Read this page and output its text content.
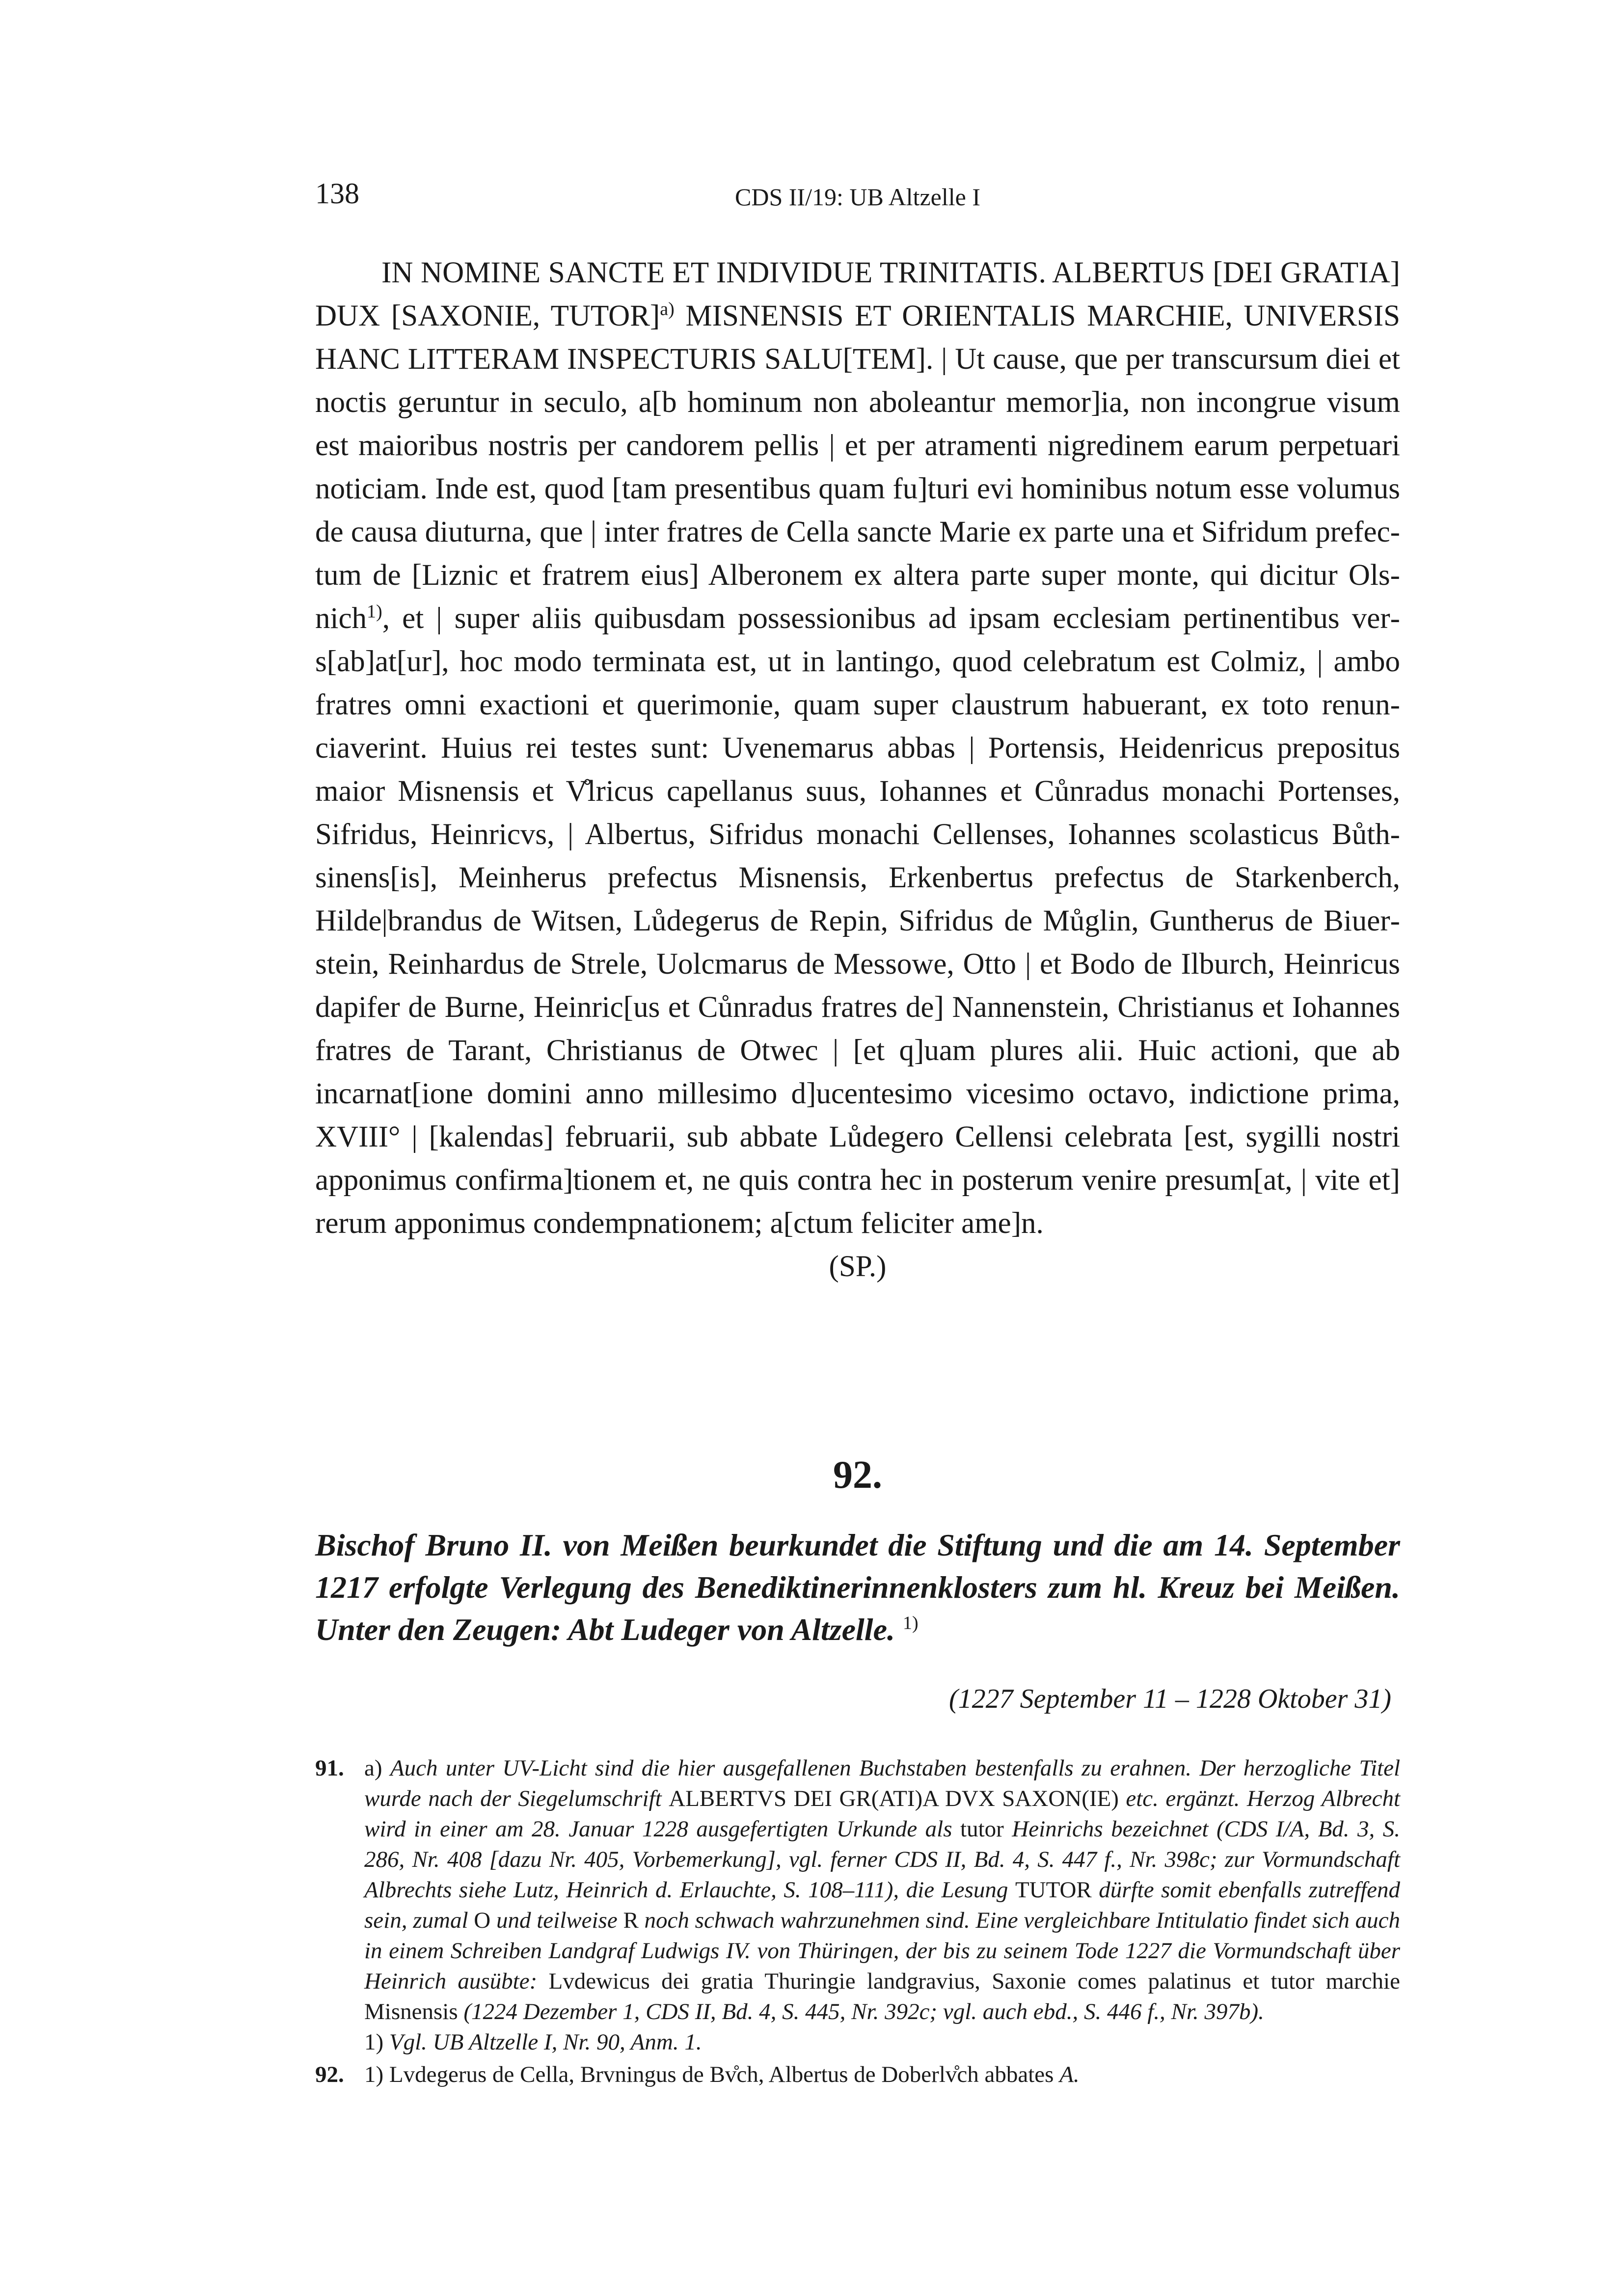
138	CDS II/19: UB Altzelle I
IN NOMINE SANCTE ET INDIVIDUE TRINITATIS. ALBERTUS [DEI GRATIA] DUX [SAXONIE, TUTOR]$^{a)}$ MISNENSIS ET ORIENTALIS MARCHIE, UNIVERSIS HANC LITTERAM INSPECTURIS SALU[TEM]. | Ut cause, que per transcursum diei et noctis geruntur in seculo, a[b hominum non aboleantur memor]ia, non incongrue visum est maioribus nostris per candorem pellis | et per atramenti nigredinem earum perpetuari noticiam. Inde est, quod [tam presentibus quam fu]turi evi hominibus notum esse volumus de causa diuturna, que | inter fratres de Cella sancte Marie ex parte una et Sifridum prefectum de [Liznic et fratrem eius] Alberonem ex altera parte super monte, qui dicitur Olsnich$^{1)}$, et | super aliis quibusdam possessionibus ad ipsam ecclesiam pertinentibus vers[ab]at[ur], hoc modo terminata est, ut in lantingo, quod celebratum est Colmiz, | ambo fratres omni exactioni et querimonie, quam super claustrum habuerant, ex toto renunciaverint. Huius rei testes sunt: Uvenemarus abbas | Portensis, Heidenricus prepositus maior Misnensis et V̊lricus capellanus suus, Iohannes et Cůnradus monachi Portenses, Sifridus, Heinricvs, | Albertus, Sifridus monachi Cellenses, Iohannes scolasticus Bůthsinens[is], Meinherus prefectus Misnensis, Erkenbertus prefectus de Starkenberch, Hilde|brandus de Witsen, Lůdegerus de Repin, Sifridus de Můglin, Guntherus de Biuerstein, Reinhardus de Strele, Uolcmarus de Messowe, Otto | et Bodo de Ilburch, Heinricus dapifer de Burne, Heinric[us et Cůnradus fratres de] Nannenstein, Christianus et Iohannes fratres de Tarant, Christianus de Otwec | [et q]uam plures alii. Huic actioni, que ab incarnat[ione domini anno millesimo d]ucentesimo vicesimo octavo, indictione prima, XVIII° | [kalendas] februarii, sub abbate Lůdegero Cellensi celebrata [est, sygilli nostri apponimus confirma]tionem et, ne quis contra hec in posterum venire presum[at, | vite et] rerum apponimus condempnationem; a[ctum feliciter ame]n.
(SP.)
92.
Bischof Bruno II. von Meißen beurkundet die Stiftung und die am 14. September 1217 erfolgte Verlegung des Benediktinerinnenklosters zum hl. Kreuz bei Meißen. Unter den Zeugen: Abt Ludeger von Altzelle. $^{1)}$
(1227 September 11 – 1228 Oktober 31)
91. a) Auch unter UV-Licht sind die hier ausgefallenen Buchstaben bestenfalls zu erahnen. Der herzogliche Titel wurde nach der Siegelumschrift ALBERTVS DEI GR(ATI)A DVX SAXON(IE) etc. ergänzt. Herzog Albrecht wird in einer am 28. Januar 1228 ausgefertigten Urkunde als tutor Heinrichs bezeichnet (CDS I/A, Bd. 3, S. 286, Nr. 408 [dazu Nr. 405, Vorbemerkung], vgl. ferner CDS II, Bd. 4, S. 447 f., Nr. 398c; zur Vormundschaft Albrechts siehe Lutz, Heinrich d. Erlauchte, S. 108–111), die Lesung TUTOR dürfte somit ebenfalls zutreffend sein, zumal O und teilweise R noch schwach wahrzunehmen sind. Eine vergleichbare Intitulatio findet sich auch in einem Schreiben Landgraf Ludwigs IV. von Thüringen, der bis zu seinem Tode 1227 die Vormundschaft über Heinrich ausübte: Lvdewicus dei gratia Thuringie landgravius, Saxonie comes palatinus et tutor marchie Misnensis (1224 Dezember 1, CDS II, Bd. 4, S. 445, Nr. 392c; vgl. auch ebd., S. 446 f., Nr. 397b).
1) Vgl. UB Altzelle I, Nr. 90, Anm. 1.
92. 1) Lvdegerus de Cella, Brvningus de Bv̊ch, Albertus de Doberlv̊ch abbates A.
